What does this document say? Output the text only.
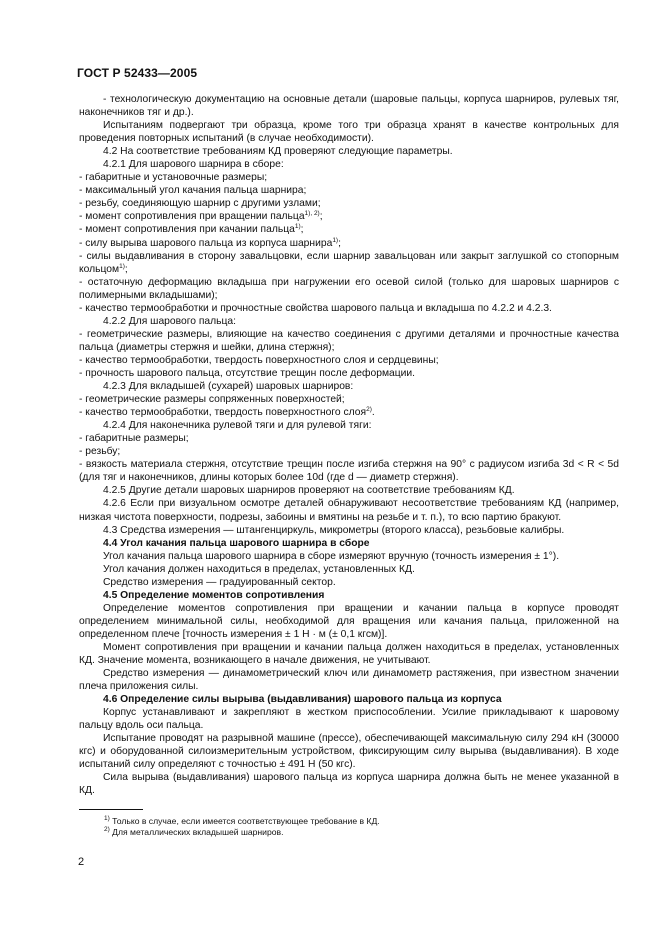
ГОСТ Р 52433—2005

- технологическую документацию на основные детали (шаровые пальцы, корпуса шарниров, рулевых тяг, наконечников тяг и др.).

Испытаниям подвергают три образца, кроме того три образца хранят в качестве контрольных для проведения повторных испытаний (в случае необходимости).

4.2 На соответствие требованиям КД проверяют следующие параметры.

4.2.1 Для шарового шарнира в сборе:

- габаритные и установочные размеры;

- максимальный угол качания пальца шарнира;

- резьбу, соединяющую шарнир с другими узлами;

- момент сопротивления при вращении пальца$^{1), 2)}$;

- момент сопротивления при качании пальца$^{1)}$;

- силу вырыва шарового пальца из корпуса шарнира$^{1)}$;

- силы выдавливания в сторону завальцовки, если шарнир завальцован или закрыт заглушкой со стопорным кольцом$^{1)}$;

- остаточную деформацию вкладыша при нагружении его осевой силой (только для шаровых шарниров с полимерными вкладышами);

- качество термообработки и прочностные свойства шарового пальца и вкладыша по 4.2.2 и 4.2.3.

4.2.2 Для шарового пальца:

- геометрические размеры, влияющие на качество соединения с другими деталями и прочностные качества пальца (диаметры стержня и шейки, длина стержня);

- качество термообработки, твердость поверхностного слоя и сердцевины;

- прочность шарового пальца, отсутствие трещин после деформации.

4.2.3 Для вкладышей (сухарей) шаровых шарниров:

- геометрические размеры сопряженных поверхностей;

- качество термообработки, твердость поверхностного слоя$^{2)}$.

4.2.4 Для наконечника рулевой тяги и для рулевой тяги:

- габаритные размеры;

- резьбу;

- вязкость материала стержня, отсутствие трещин после изгиба стержня на 90° с радиусом изгиба 3d < R < 5d (для тяг и наконечников, длины которых более 10d (где d — диаметр стержня).

4.2.5 Другие детали шаровых шарниров проверяют на соответствие требованиям КД.

4.2.6 Если при визуальном осмотре деталей обнаруживают несоответствие требованиям КД (например, низкая чистота поверхности, подрезы, забоины и вмятины на резьбе и т. п.), то всю партию бракуют.

4.3 Средства измерения — штангенциркуль, микрометры (второго класса), резьбовые калибры.

4.4 Угол качания пальца шарового шарнира в сборе

Угол качания пальца шарового шарнира в сборе измеряют вручную (точность измерения ± 1°).

Угол качания должен находиться в пределах, установленных КД.

Средство измерения — градуированный сектор.

4.5 Определение моментов сопротивления

Определение моментов сопротивления при вращении и качании пальца в корпусе проводят определением минимальной силы, необходимой для вращения или качания пальца, приложенной на определенном плече [точность измерения ± 1 Н · м (± 0,1 кгсм)].

Момент сопротивления при вращении и качании пальца должен находиться в пределах, установленных КД. Значение момента, возникающего в начале движения, не учитывают.

Средство измерения — динамометрический ключ или динамометр растяжения, при известном значении плеча приложения силы.

4.6 Определение силы вырыва (выдавливания) шарового пальца из корпуса

Корпус устанавливают и закрепляют в жестком приспособлении. Усилие прикладывают к шаровому пальцу вдоль оси пальца.

Испытание проводят на разрывной машине (прессе), обеспечивающей максимальную силу 294 кН (30000 кгс) и оборудованной силоизмерительным устройством, фиксирующим силу вырыва (выдавливания). В ходе испытаний силу определяют с точностью ± 491 Н (50 кгс).

Сила вырыва (выдавливания) шарового пальца из корпуса шарнира должна быть не менее указанной в КД.

$^{1)}$ Только в случае, если имеется соответствующее требование в КД.

$^{2)}$ Для металлических вкладышей шарниров.

2
